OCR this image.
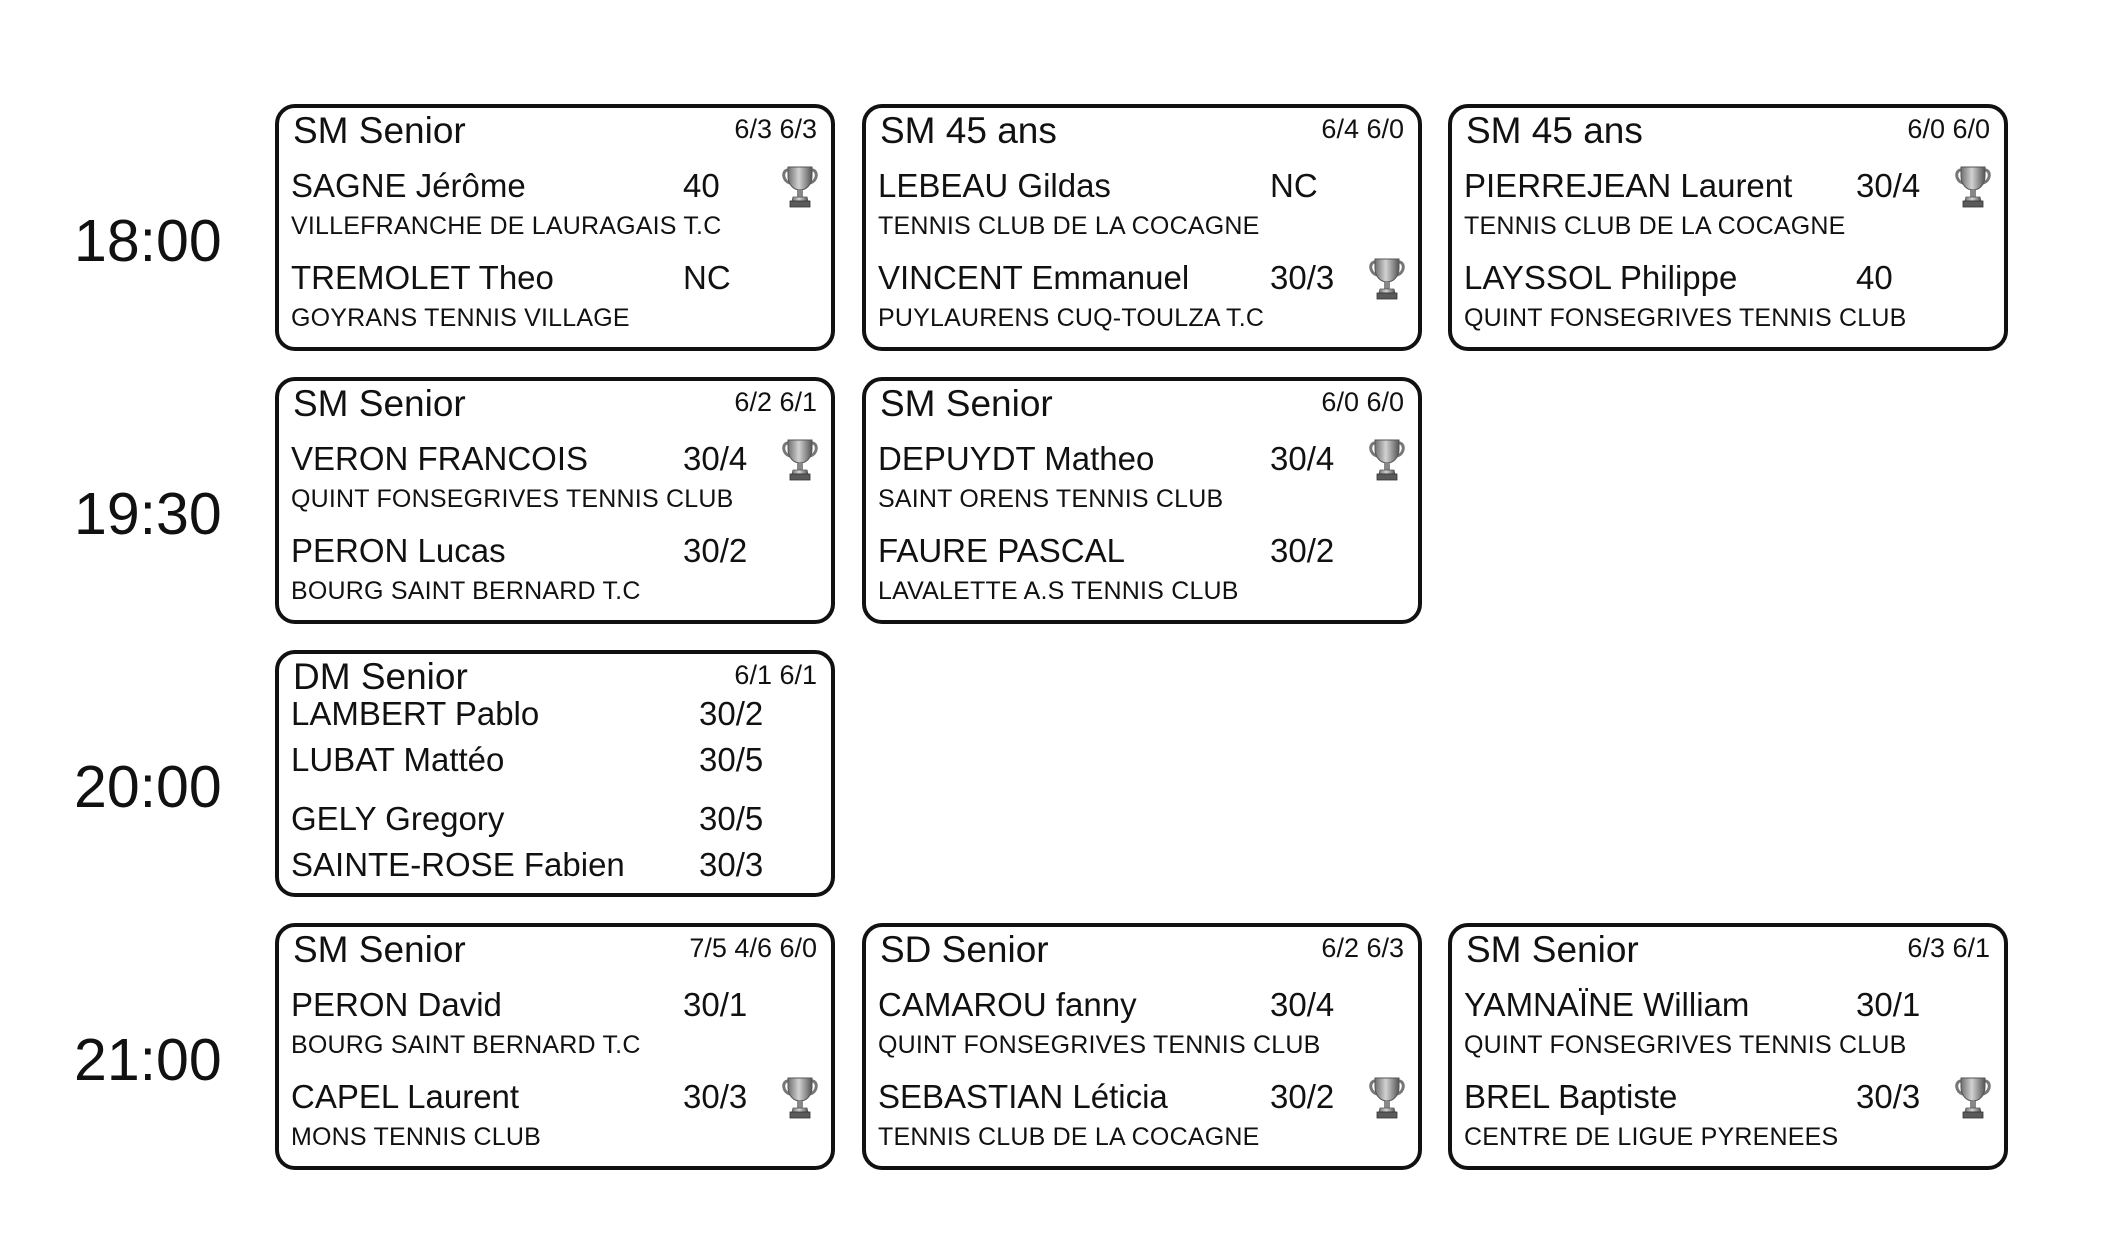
18:00
19:30
20:00
21:00
SM Senior	6/3 6/3
SAGNE Jérôme	40
VILLEFRANCHE DE LAURAGAIS T.C
TREMOLET Theo	NC
GOYRANS TENNIS VILLAGE
SM 45 ans	6/4 6/0
LEBEAU Gildas	NC
TENNIS CLUB DE LA COCAGNE
VINCENT Emmanuel 30/3
PUYLAURENS CUQ-TOULZA T.C
SM 45 ans	6/0 6/0
PIERREJEAN Laurent 30/4
TENNIS CLUB DE LA COCAGNE
LAYSSOL Philippe	40
QUINT FONSEGRIVES TENNIS CLUB
SM Senior	6/2 6/1
VERON FRANCOIS	30/4
QUINT FONSEGRIVES TENNIS CLUB
PERON Lucas	30/2
BOURG SAINT BERNARD T.C
SM Senior	6/0 6/0
DEPUYDT Matheo	30/4
SAINT ORENS TENNIS CLUB
FAURE PASCAL	30/2
LAVALETTE A.S TENNIS CLUB
DM Senior	6/1 6/1
LAMBERT Pablo	30/2
LUBAT Mattéo	30/5
GELY Gregory	30/5
SAINTE-ROSE Fabien 30/3
SM Senior	7/5 4/6 6/0
PERON David	30/1
BOURG SAINT BERNARD T.C
CAPEL Laurent	30/3
MONS TENNIS CLUB
SD Senior	6/2 6/3
CAMAROU fanny	30/4
QUINT FONSEGRIVES TENNIS CLUB
SEBASTIAN Léticia	30/2
TENNIS CLUB DE LA COCAGNE
SM Senior	6/3 6/1
YAMNAÏNE William	30/1
QUINT FONSEGRIVES TENNIS CLUB
BREL Baptiste	30/3
CENTRE DE LIGUE PYRENEES
